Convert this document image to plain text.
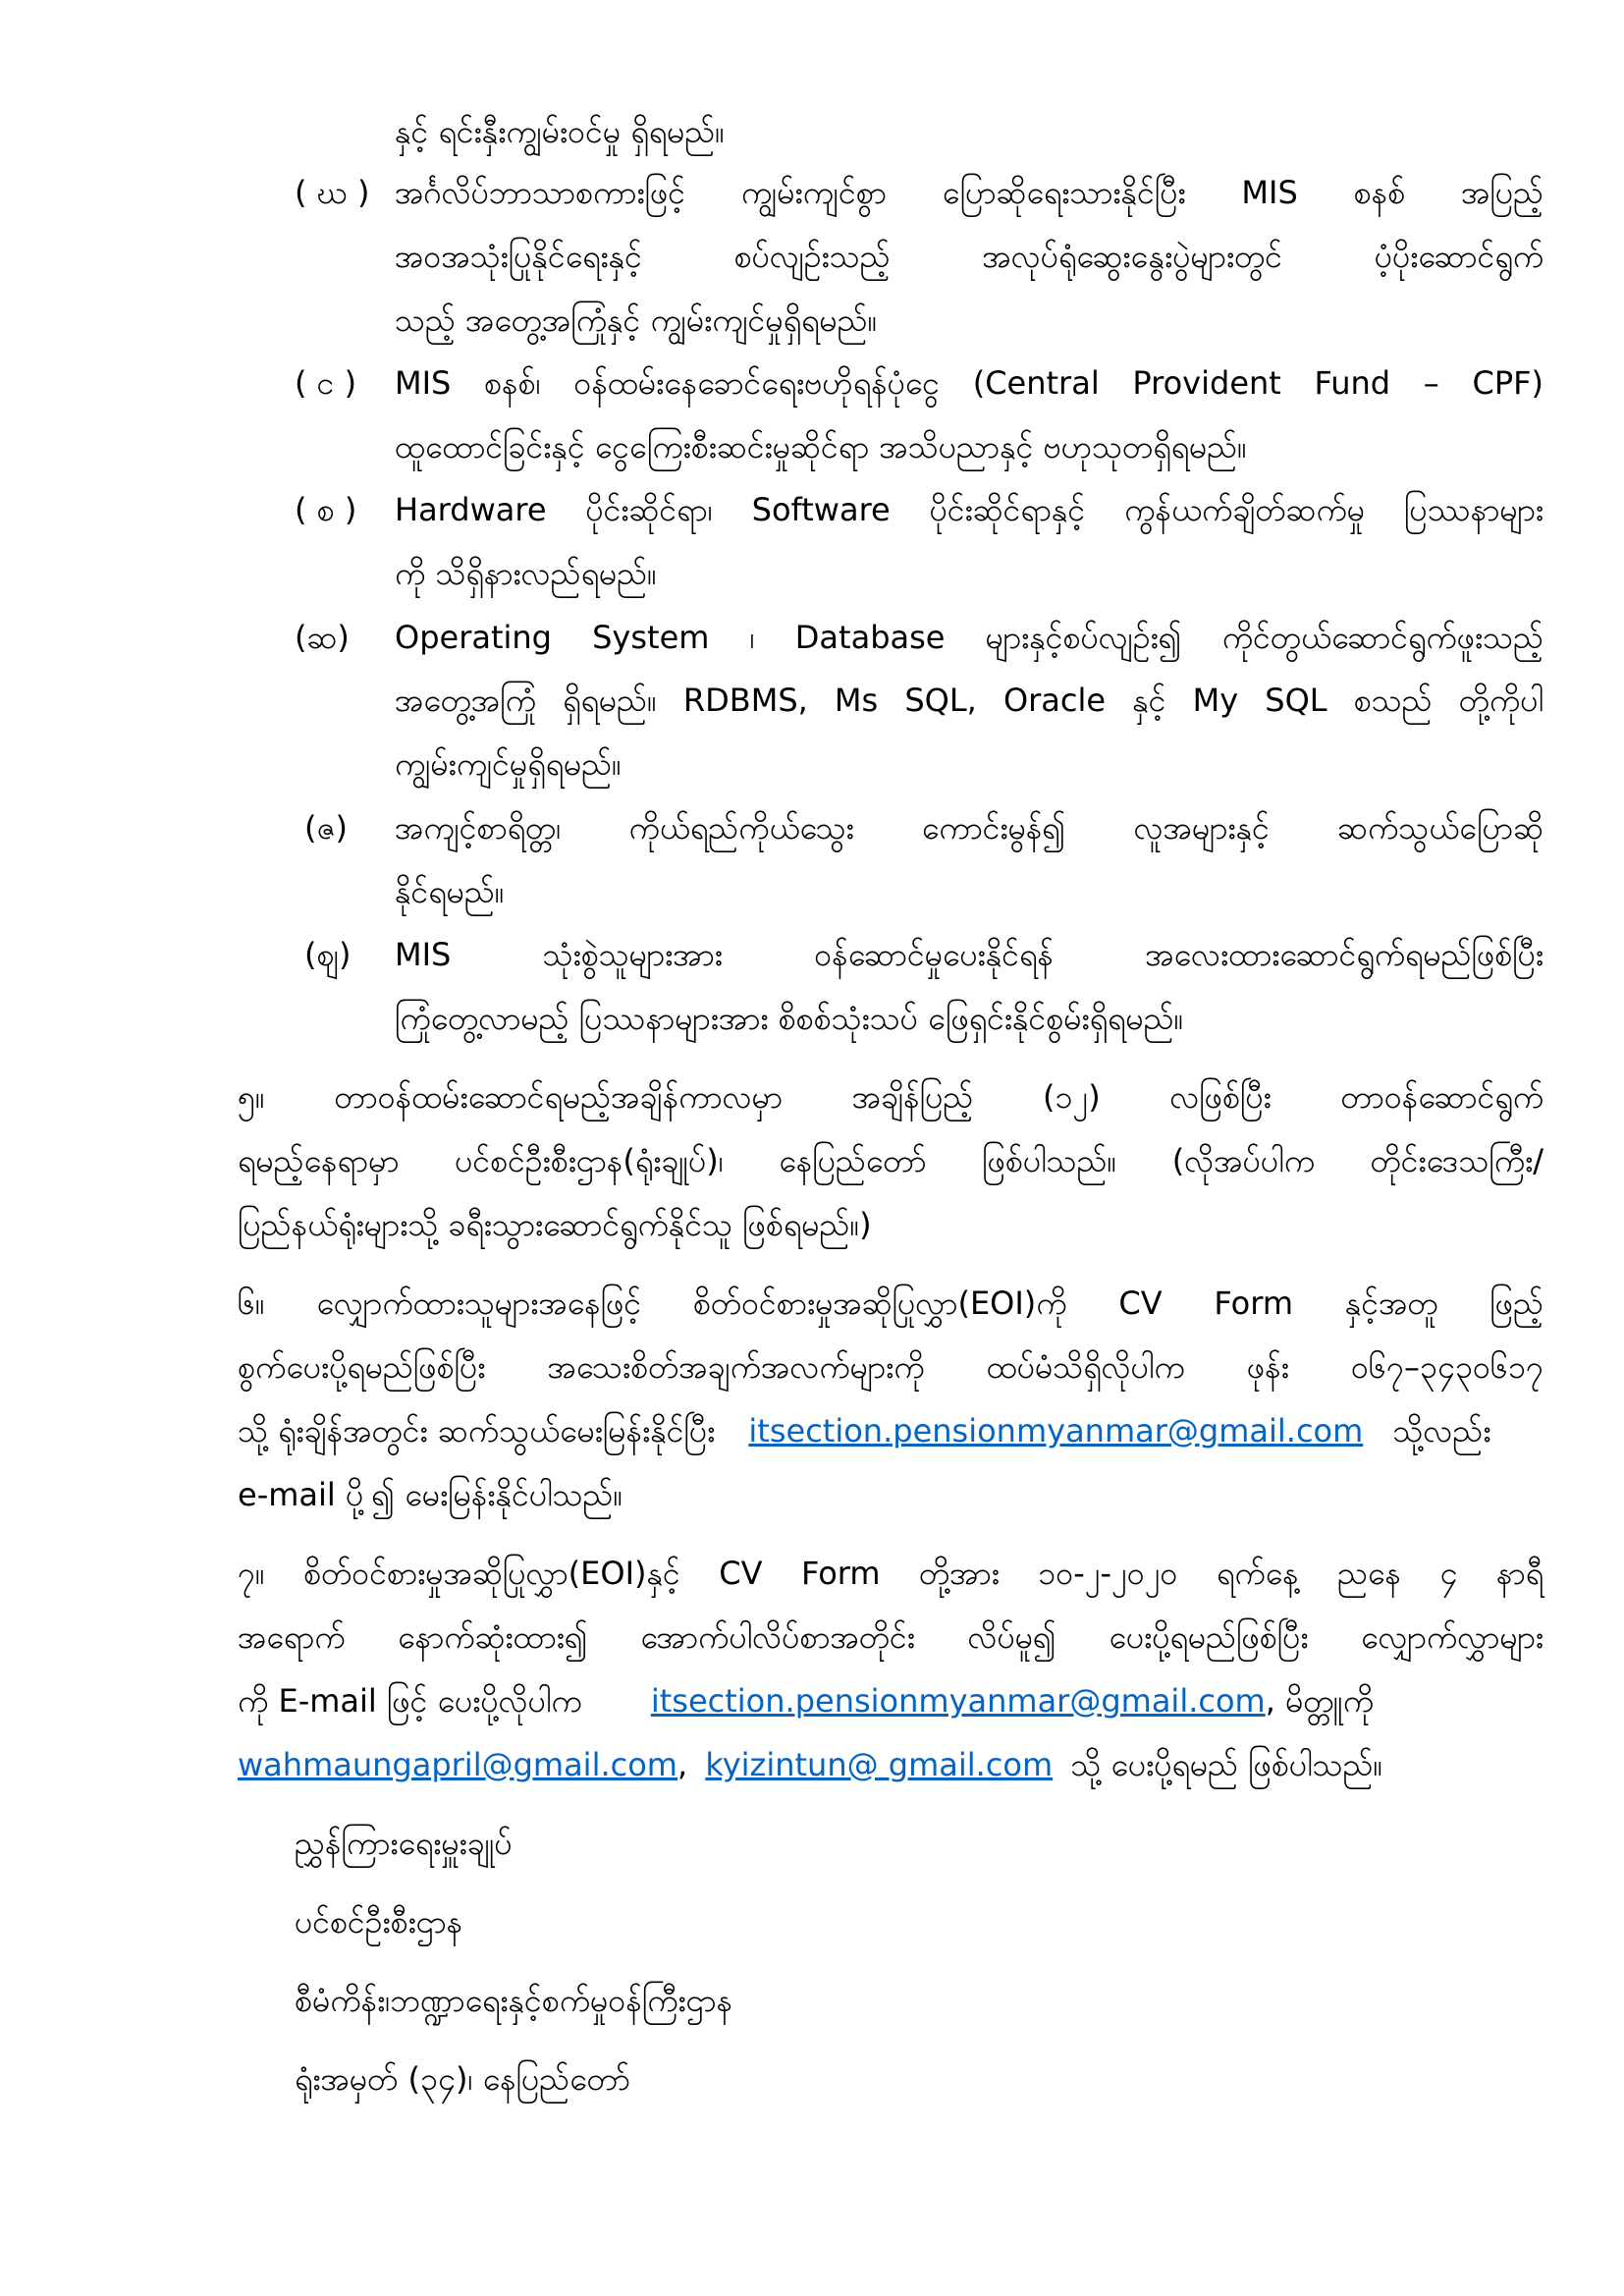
နှင့် ရင်းနှီးကျွမ်းဝင်မှု ရှိရမည်။
( ဃ ) အင်္ဂလိပ်ဘာသာစကားဖြင့် ကျွမ်းကျင်စွာ ပြောဆိုရေးသားနိုင်ပြီး MIS စနစ် အပြည့်
အဝအသုံးပြုနိုင်ရေးနှင့် စပ်လျဉ်းသည့် အလုပ်ရုံဆွေးနွေးပွဲများတွင် ပံ့ပိုးဆောင်ရွက်
သည့် အတွေ့အကြုံနှင့် ကျွမ်းကျင်မှုရှိရမည်။
( င ) MIS စနစ်၊ ဝန်ထမ်းနေခောင်ရေးဗဟိုရန်ပုံငွေ (Central Provident Fund – CPF)
ထူထောင်ခြင်းနှင့် ငွေကြေးစီးဆင်းမှုဆိုင်ရာ အသိပညာနှင့် ဗဟုသုတရှိရမည်။
( စ ) Hardware ပိုင်းဆိုင်ရာ၊ Software ပိုင်းဆိုင်ရာနှင့် ကွန်ယက်ချိတ်ဆက်မှု ပြဿနာများ
ကို သိရှိနားလည်ရမည်။
(ဆ) Operating System ၊ Database များနှင့်စပ်လျဉ်း၍ ကိုင်တွယ်ဆောင်ရွက်ဖူးသည့်
အတွေ့အကြုံ ရှိရမည်။ RDBMS, Ms SQL, Oracle နှင့် My SQL စသည် တို့ကိုပါ
ကျွမ်းကျင်မှုရှိရမည်။
(ဇ) အကျင့်စာရိတ္တ၊ ကိုယ်ရည်ကိုယ်သွေး ကောင်းမွန်၍ လူအများနှင့် ဆက်သွယ်ပြောဆို
နိုင်ရမည်။
(ဈ) MIS သုံးစွဲသူများအား ဝန်ဆောင်မှုပေးနိုင်ရန် အလေးထားဆောင်ရွက်ရမည်ဖြစ်ပြီး
ကြုံတွေ့လာမည့် ပြဿနာများအား စိစစ်သုံးသပ် ဖြေရှင်းနိုင်စွမ်းရှိရမည်။
၅။ တာဝန်ထမ်းဆောင်ရမည့်အချိန်ကာလမှာ အချိန်ပြည့် (၁၂) လဖြစ်ပြီး တာဝန်ဆောင်ရွက်
ရမည့်နေရာမှာ ပင်စင်ဦးစီးဌာန(ရုံးချုပ်)၊ နေပြည်တော် ဖြစ်ပါသည်။ (လိုအပ်ပါက တိုင်းဒေသကြီး/
ပြည်နယ်ရုံးများသို့ ခရီးသွားဆောင်ရွက်နိုင်သူ ဖြစ်ရမည်။)
၆။ လျှောက်ထားသူများအနေဖြင့် စိတ်ဝင်စားမှုအဆိုပြုလွှာ(EOI)ကို CV Form နှင့်အတူ ဖြည့်
စွက်ပေးပို့ရမည်ဖြစ်ပြီး အသေးစိတ်အချက်အလက်များကို ထပ်မံသိရှိလိုပါက ဖုန်း ၀၆၇–၃၄၃၀၆၁၇
သို့ ရုံးချိန်အတွင်း ဆက်သွယ်မေးမြန်းနိုင်ပြီး itsection.pensionmyanmar@gmail.com သို့လည်း
e-mail ပို့၍ မေးမြန်းနိုင်ပါသည်။
၇။ စိတ်ဝင်စားမှုအဆိုပြုလွှာ(EOI)နှင့် CV Form တို့အား ၁၀-၂-၂၀၂၀ ရက်နေ့ ညနေ ၄ နာရီ
အရောက် နောက်ဆုံးထား၍ အောက်ပါလိပ်စာအတိုင်း လိပ်မူ၍ ပေးပို့ရမည်ဖြစ်ပြီး လျှောက်လွှာများ
ကို E-mail ဖြင့် ပေးပို့လိုပါက itsection.pensionmyanmar@gmail.com, မိတ္တူကို
wahmaungapril@gmail.com, kyizintun@ gmail.com သို့ ပေးပို့ရမည် ဖြစ်ပါသည်။
ညွှန်ကြားရေးမှူးချုပ်
ပင်စင်ဦးစီးဌာန
စီမံကိန်း၊ဘဏ္ဍာရေးနှင့်စက်မှုဝန်ကြီးဌာန
ရုံးအမှတ် (၃၄)၊ နေပြည်တော်
